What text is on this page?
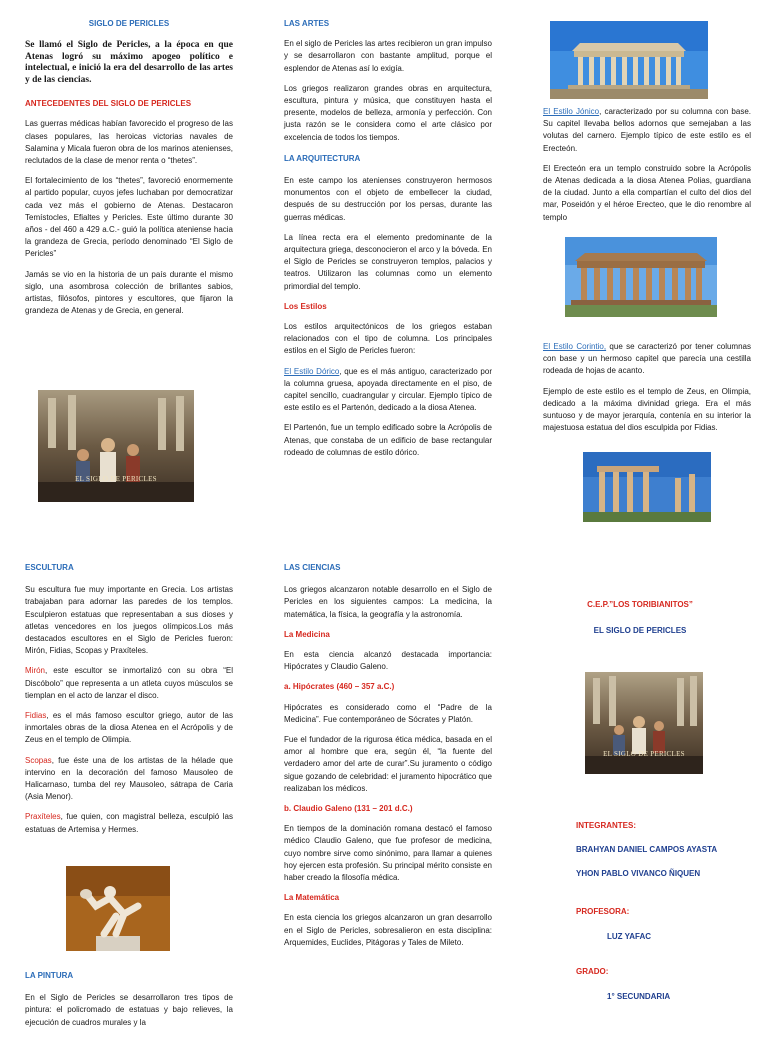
SIGLO DE PERICLES
Se llamó el Siglo de Pericles, a la época en que Atenas logró su máximo apogeo político e intelectual, e inició la era del desarrollo de las artes y de las ciencias.
ANTECEDENTES DEL SIGLO DE PERICLES

Las guerras médicas habían favorecido el progreso de las clases populares, las heroicas victorias navales de Salamina y Micala fueron obra de los marinos atenienses, reclutados de la clase de menor renta o “thetes”.

El fortalecimiento de los “thetes”, favoreció enormemente al partido popular, cuyos jefes luchaban por democratizar cada vez más el gobierno de Atenas. Destacaron Temístocles, Efialtes y Pericles. Este último durante 30 años - del 460 a 429 a.C.- guió la política ateniense hacia la grandeza de Grecia, período denominado “El Siglo de Pericles”

Jamás se vio en la historia de un país durante el mismo siglo, una asombrosa colección de brillantes sabios, artistas, filósofos, pintores y escultores, que fijaron la grandeza de Atenas y de Grecia, en general.

EL SIGLO DE PERICLES
LAS ARTES

En el siglo de Pericles las artes recibieron un gran impulso y se desarrollaron con bastante amplitud, porque el esplendor de Atenas así lo exigía.

Los griegos realizaron grandes obras en arquitectura, escultura, pintura y música, que constituyen hasta el presente, modelos de belleza, armonía y perfección. Con justa razón se le considera como el arte clásico por excelencia de todos los tiempos.

LA ARQUITECTURA

En este campo los atenienses construyeron hermosos monumentos con el objeto de embellecer la ciudad, después de su destrucción por los persas, durante las guerras médicas.

La línea recta era el elemento predominante de la arquitectura griega, desconocieron el arco y la bóveda. En el Siglo de Pericles se construyeron templos, palacios y teatros. Utilizaron las columnas como un elemento primordial del templo.

Los Estilos

Los estilos arquitectónicos de los griegos estaban relacionados con el tipo de columna. Los principales estilos en el Siglo de Pericles fueron:

El Estilo Dórico, que es el más antiguo, caracterizado por la columna gruesa, apoyada directamente en el piso, de capitel sencillo, cuadrangular y circular. Ejemplo típico de este estilo es el Partenón, dedicado a la diosa Atenea.

El Partenón, fue un templo edificado sobre la Acrópolis de Atenas, que constaba de un edificio de base rectangular rodeado de columnas de estilo dórico.

El Estilo Jónico, caracterizado por su columna con base. Su capitel llevaba bellos adornos que semejaban a las volutas del carnero. Ejemplo típico de este estilo es el Erecteón.

El Erecteón era un templo construido sobre la Acrópolis de Atenas dedicada a la diosa Atenea Polias, guardiana de la ciudad. Junto a ella compartían el culto del dios del mar, Poseidón y el héroe Erecteo, que le dio renombre al templo

El Estilo Corintio, que se caracterizó por tener columnas con base y un hermoso capitel que parecía una cestilla rodeada de hojas de acanto.

Ejemplo de este estilo es el templo de Zeus, en Olimpia, dedicado a la máxima divinidad griega. Era el más suntuoso y de mayor jerarquía, contenía en su interior la majestuosa estatua del dios esculpida por Fidias.

ESCULTURA

Su escultura fue muy importante en Grecia. Los artistas trabajaban para adornar las paredes de los templos. Esculpieron estatuas que representaban a sus dioses y atletas vencedores en los juegos olímpicos.Los más destacados escultores en el Siglo de Pericles fueron: Mirón, Fidias, Scopas y Praxíteles.

Mirón, este escultor se inmortalizó con su obra “El Discóbolo” que representa a un atleta cuyos músculos se tiemplan en el acto de lanzar el disco.

Fidias, es el más famoso escultor griego, autor de las inmortales obras de la diosa Atenea en el Acrópolis y de Zeus en el templo de Olimpia.

Scopas, fue éste una de los artistas de la hélade que intervino en la decoración del famoso Mausoleo de Halicarnaso, tumba del rey Mausoleo, sátrapa de Caria (Asia Menor).

Praxíteles, fue quien, con magistral belleza, esculpió las estatuas de Artemisa y Hermes.

LA PINTURA

En el Siglo de Pericles se desarrollaron tres tipos de pintura: el policromado de estatuas y bajo relieves, la ejecución de cuadros murales y la

LAS CIENCIAS

Los griegos alcanzaron notable desarrollo en el Siglo de Pericles en los siguientes campos: La medicina, la matemática, la física, la geografía y la astronomía.

La Medicina

En esta ciencia alcanzó destacada importancia: Hipócrates y Claudio Galeno.

a. Hipócrates (460 – 357 a.C.)

Hipócrates es considerado como el “Padre de la Medicina”. Fue contemporáneo de Sócrates y Platón.

Fue el fundador de la rigurosa ética médica, basada en el amor al hombre que era, según él, “la fuente del verdadero amor del arte de curar”.Su juramento o código sigue gozando de celebridad: el juramento hipocrático que realizaban los médicos.

b. Claudio Galeno (131 – 201 d.C.)

En tiempos de la dominación romana destacó el famoso médico Claudio Galeno, que fue profesor de medicina, cuyo nombre sirve como sinónimo, para llamar a quienes hoy ejercen esta profesión. Su principal mérito consiste en haber creado la filosofía médica.

La Matemática

En esta ciencia los griegos alcanzaron un gran desarrollo en el Siglo de Pericles, sobresalieron en esta disciplina: Arquemides, Euclides, Pitágoras y Tales de Mileto.

C.E.P.”LOS TORIBIANITOS”
EL SIGLO DE PERICLES
EL SIGLO DE PERICLES
INTEGRANTES:
BRAHYAN DANIEL CAMPOS AYASTA
YHON PABLO VIVANCO ÑIQUEN
PROFESORA:
LUZ YAFAC
GRADO:
1° SECUNDARIA
